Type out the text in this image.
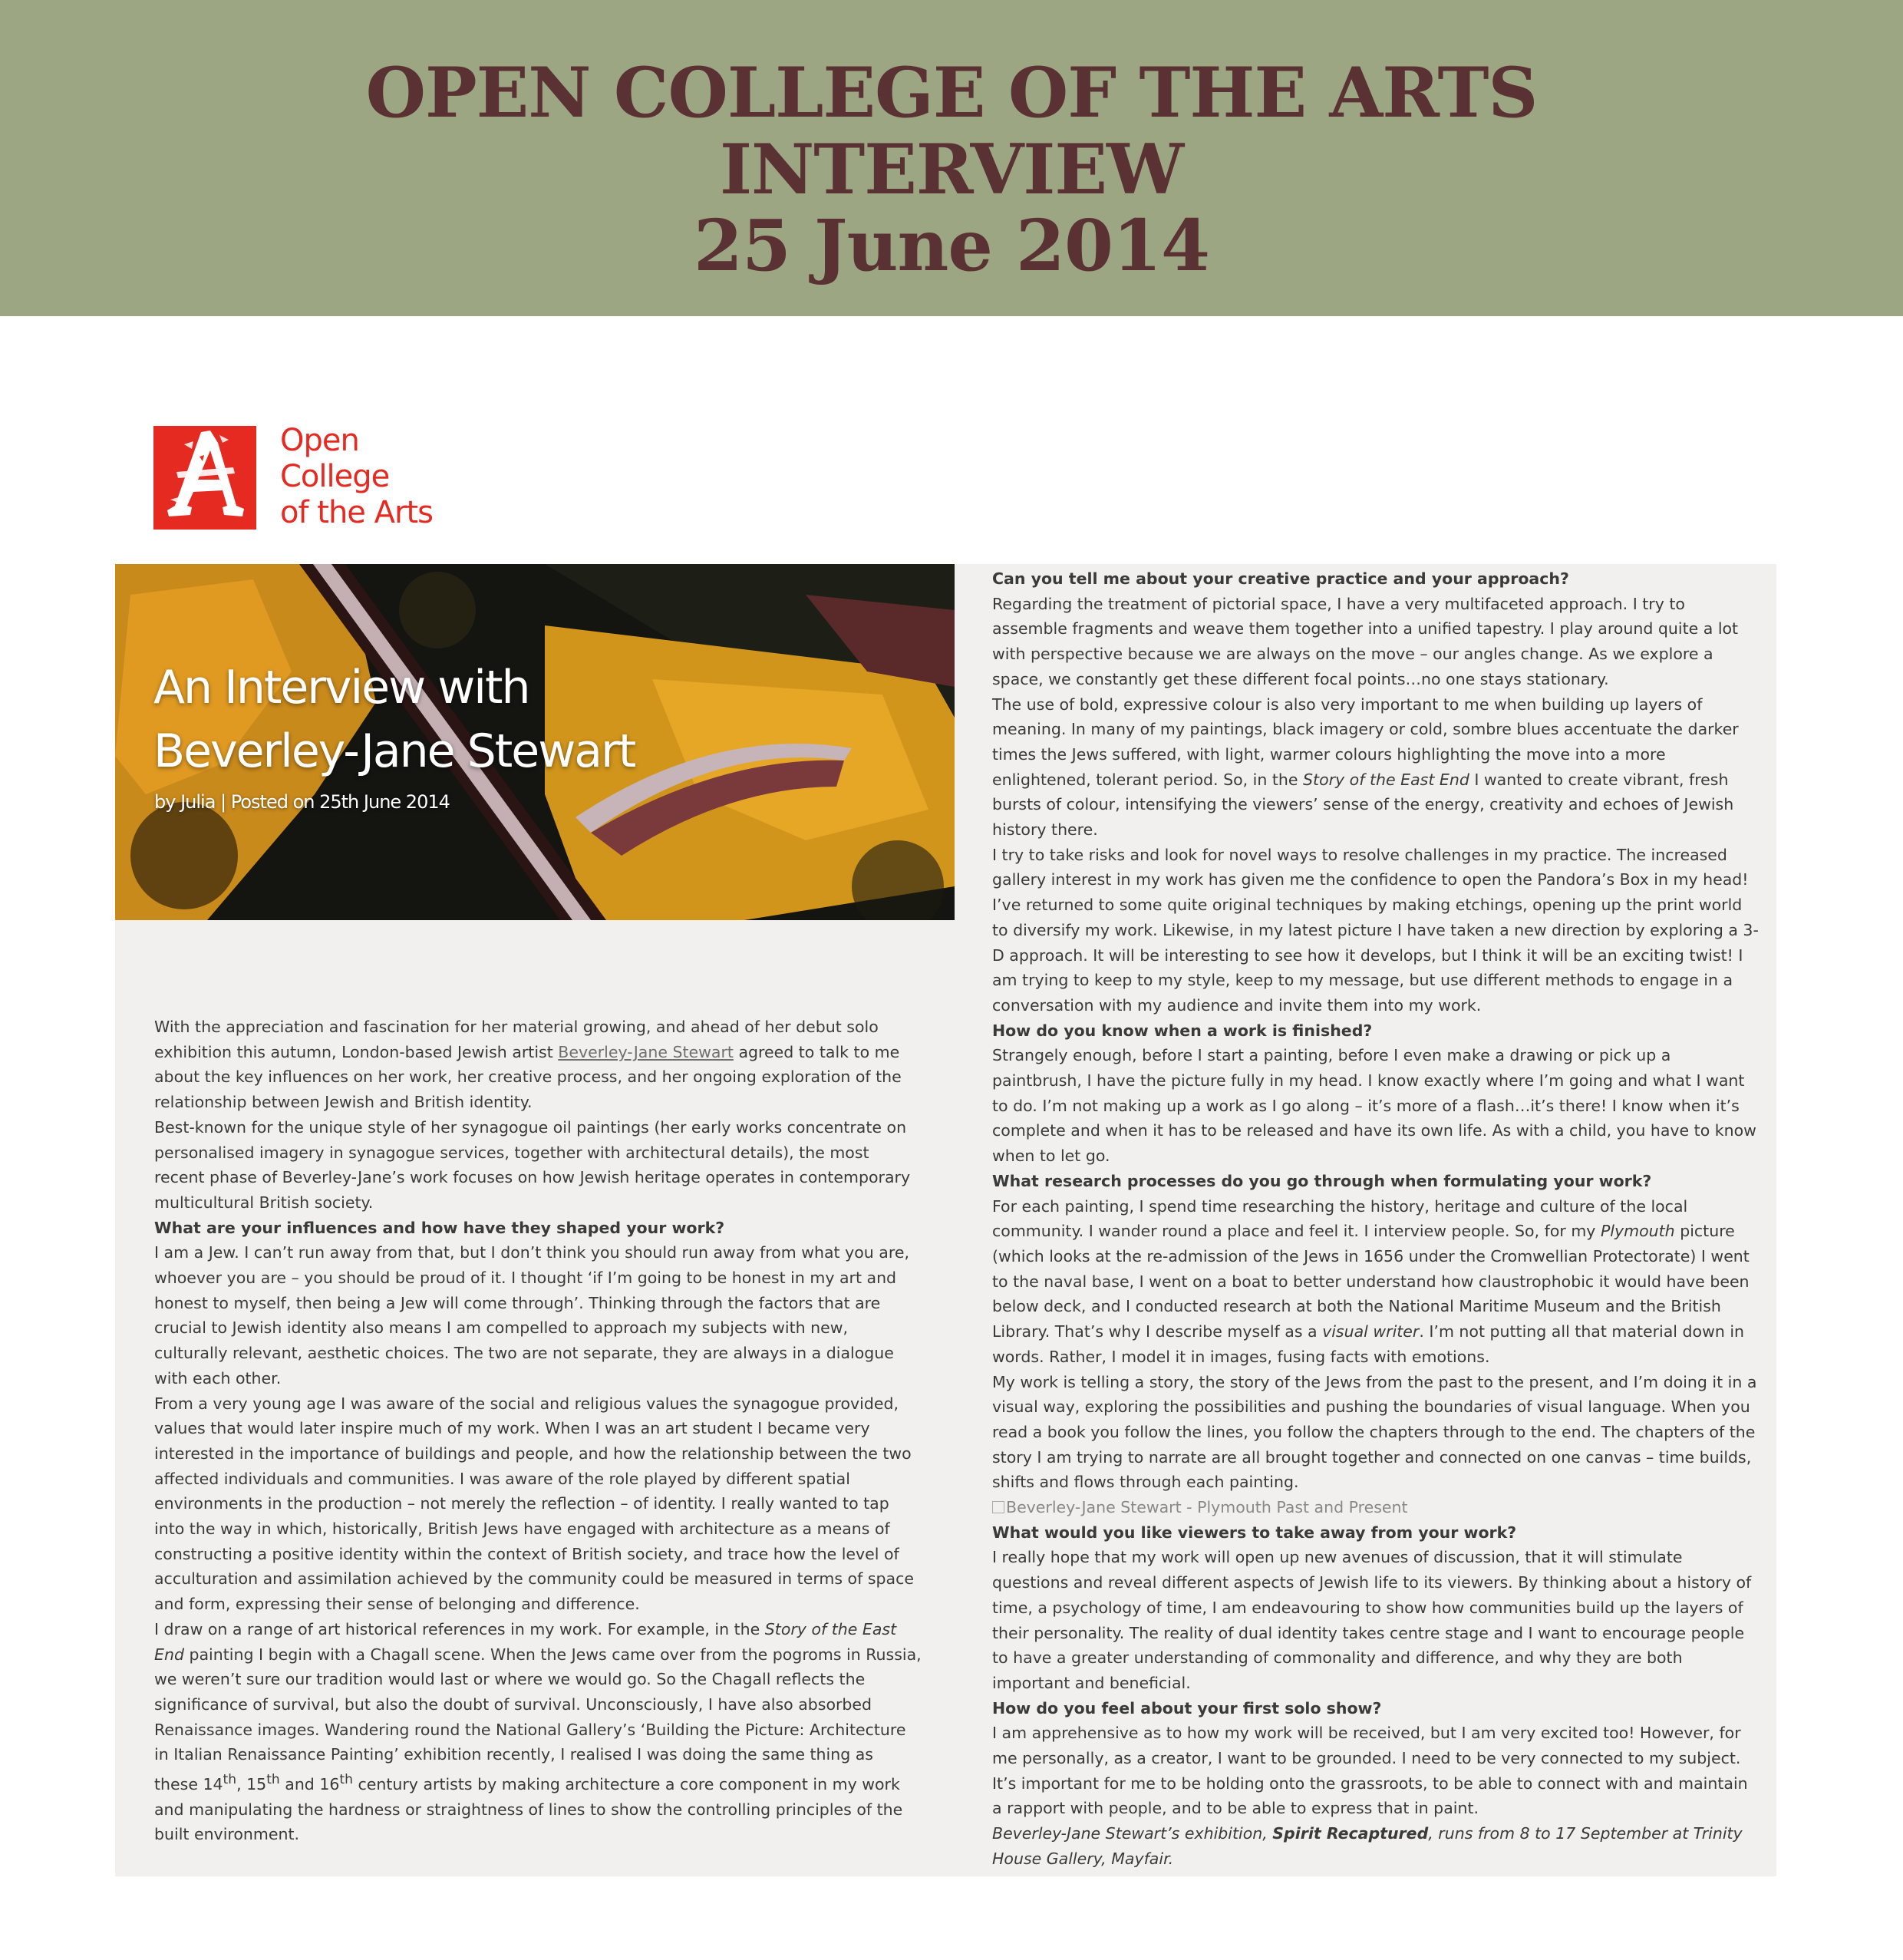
OPEN COLLEGE OF THE ARTS
INTERVIEW
25 June 2014
Open
College
of the Arts
An Interview with
Beverley-Jane Stewart
by Julia | Posted on 25th June 2014

With the appreciation and fascination for her material growing, and ahead of her debut solo exhibition this autumn, London-based Jewish artist Beverley-Jane Stewart agreed to talk to me about the key influences on her work, her creative process, and her ongoing exploration of the relationship between Jewish and British identity.

Best-known for the unique style of her synagogue oil paintings (her early works concentrate on personalised imagery in synagogue services, together with architectural details), the most recent phase of Beverley-Jane’s work focuses on how Jewish heritage operates in contemporary multicultural British society.

What are your influences and how have they shaped your work?

I am a Jew. I can’t run away from that, but I don’t think you should run away from what you are, whoever you are – you should be proud of it. I thought ‘if I’m going to be honest in my art and honest to myself, then being a Jew will come through’. Thinking through the factors that are crucial to Jewish identity also means I am compelled to approach my subjects with new, culturally relevant, aesthetic choices. The two are not separate, they are always in a dialogue with each other.

From a very young age I was aware of the social and religious values the synagogue provided, values that would later inspire much of my work. When I was an art student I became very interested in the importance of buildings and people, and how the relationship between the two affected individuals and communities. I was aware of the role played by different spatial environments in the production – not merely the reflection – of identity. I really wanted to tap into the way in which, historically, British Jews have engaged with architecture as a means of constructing a positive identity within the context of British society, and trace how the level of acculturation and assimilation achieved by the community could be measured in terms of space and form, expressing their sense of belonging and difference.

I draw on a range of art historical references in my work. For example, in the Story of the East End painting I begin with a Chagall scene. When the Jews came over from the pogroms in Russia, we weren’t sure our tradition would last or where we would go. So the Chagall reflects the significance of survival, but also the doubt of survival. Unconsciously, I have also absorbed Renaissance images. Wandering round the National Gallery’s ‘Building the Picture: Architecture in Italian Renaissance Painting’ exhibition recently, I realised I was doing the same thing as these 14th, 15th and 16th century artists by making architecture a core component in my work and manipulating the hardness or straightness of lines to show the controlling principles of the built environment.

Can you tell me about your creative practice and your approach?

Regarding the treatment of pictorial space, I have a very multifaceted approach. I try to assemble fragments and weave them together into a unified tapestry. I play around quite a lot with perspective because we are always on the move – our angles change. As we explore a space, we constantly get these different focal points…no one stays stationary.

The use of bold, expressive colour is also very important to me when building up layers of meaning. In many of my paintings, black imagery or cold, sombre blues accentuate the darker times the Jews suffered, with light, warmer colours highlighting the move into a more enlightened, tolerant period. So, in the Story of the East End I wanted to create vibrant, fresh bursts of colour, intensifying the viewers’ sense of the energy, creativity and echoes of Jewish history there.

I try to take risks and look for novel ways to resolve challenges in my practice. The increased gallery interest in my work has given me the confidence to open the Pandora’s Box in my head! I’ve returned to some quite original techniques by making etchings, opening up the print world to diversify my work. Likewise, in my latest picture I have taken a new direction by exploring a 3-D approach. It will be interesting to see how it develops, but I think it will be an exciting twist! I am trying to keep to my style, keep to my message, but use different methods to engage in a conversation with my audience and invite them into my work.

How do you know when a work is finished?

Strangely enough, before I start a painting, before I even make a drawing or pick up a paintbrush, I have the picture fully in my head. I know exactly where I’m going and what I want to do. I’m not making up a work as I go along – it’s more of a flash…it’s there! I know when it’s complete and when it has to be released and have its own life. As with a child, you have to know when to let go.

What research processes do you go through when formulating your work?

For each painting, I spend time researching the history, heritage and culture of the local community. I wander round a place and feel it. I interview people. So, for my Plymouth picture (which looks at the re-admission of the Jews in 1656 under the Cromwellian Protectorate) I went to the naval base, I went on a boat to better understand how claustrophobic it would have been below deck, and I conducted research at both the National Maritime Museum and the British Library. That’s why I describe myself as a visual writer. I’m not putting all that material down in words. Rather, I model it in images, fusing facts with emotions.

My work is telling a story, the story of the Jews from the past to the present, and I’m doing it in a visual way, exploring the possibilities and pushing the boundaries of visual language. When you read a book you follow the lines, you follow the chapters through to the end. The chapters of the story I am trying to narrate are all brought together and connected on one canvas – time builds, shifts and flows through each painting.

Beverley-Jane Stewart - Plymouth Past and Present

What would you like viewers to take away from your work?

I really hope that my work will open up new avenues of discussion, that it will stimulate questions and reveal different aspects of Jewish life to its viewers. By thinking about a history of time, a psychology of time, I am endeavouring to show how communities build up the layers of their personality. The reality of dual identity takes centre stage and I want to encourage people to have a greater understanding of commonality and difference, and why they are both important and beneficial.

How do you feel about your first solo show?

I am apprehensive as to how my work will be received, but I am very excited too! However, for me personally, as a creator, I want to be grounded. I need to be very connected to my subject. It’s important for me to be holding onto the grassroots, to be able to connect with and maintain a rapport with people, and to be able to express that in paint.

Beverley-Jane Stewart’s exhibition, Spirit Recaptured, runs from 8 to 17 September at Trinity House Gallery, Mayfair.
